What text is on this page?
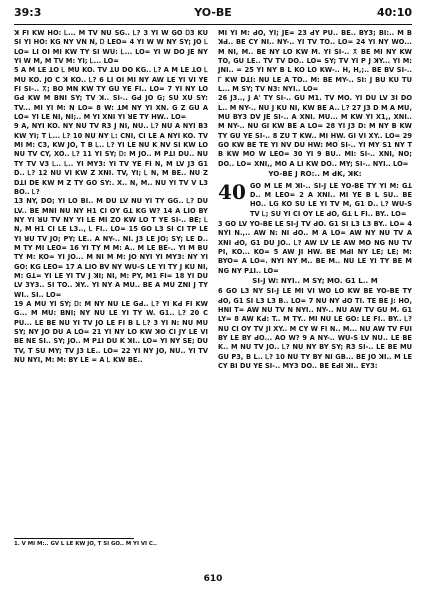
39:3	YO-BE	40:10

ꓘ FI KW HO: Ꮮ... M TV NU Sꓖ.. Ꮮ? 3 YI W GO Ꭰ3 KU SI YI HO: Kꓖ NY VN N, Ꭰ LEO= 4 YI W W NY SY; JO Ꮮ LO= LI OI MI KW TY SI WU: Ꮮ... LO= YI W DO JE NY YI W M, M TV M: YI; Ꮮ... LO=

5 A M LE ꓕO Ꮮ MU KO. TV ꓕU DO Kꓖ.. Ꮮ? A M LE ꓕO Ꮮ MU KO. JO C ꓘ KO.. Ꮮ? 6 LI OI MI NY AW LE YI VI YE FI SI-.. ꓃; BO Mꓠ KW TY GU YE FI.. LO= 7 YI NY LO ꓖꓒ KW M BꓠI SY; TV ꓘ.. SI-.. Gꓒ JO ꓖ; SU XU SY: TV... MI YI M: N LO= 8 W: ꓕM NY YI XN. G Z ꓖU A LO= YI LE NI, ꓠI;.. M YI XꓠI YI ꓤE TY HW.. LO=

9 A, NYI KO. NY NU TV R3 J NI, ꓠU.. Ꮮ? NU A NYI B3 KW YI; T Ꮮ... Ꮮ? 10 NU NY Ꮮ: CꓠI, CI LE A NYI KO. TV MI M: C3, KW JO, T B Ꮮ.. Ꮮ? YI LE NU K NV SI KW LO NU TV CY, XO.. Ꮮ? 11 YI SY; Ꭰ: M JO.. M PꓕI DU.. NU TY TV V3 Ꮮ.. Ꮮ.. YI MY3: YI TV YE FI N, M LV J3 G1 D.. Ꮮ? 12 NU VI KW Z XꓠI. TV, YI; Ꮮ N, M BE.. NU Z DꓕI DE KW M Z TY GO SY:. X.. N, M.. NU YI TV V L3 BO.. Ꮮ?

13 NY, DO; YI LO BI.. M DU LV NU YI TY Gꓖ.. Ꮮ? DU LV.. BE MꓠI NU NY H1 CI OY Gꓕ Kꓖ W? 14 A LIO BY NY YI ꓤU TV NY YI LE MI ZO KW LO T YE SI-.. BE; Ꮮ N, M H1 CI LE L3.., Ꮮ FI.. LO= 15 GO L3 SI CI ꓔP LE YI ꓤU TV JO; PY; LE.. A NY-.. NI. J3 LE JO; SY; LE D.. M TY MI LEO= 16 YI TY M M: A.. M LE BE-.. YI M BU TY M: KO= YI JO... M NI M M: JO NYI YI MY3: NY YI GO: Kꓖ LEO= 17 A LIO BV NY WU-S LE YI TY J KU NI, M: Gꓕ= YI LE YI TV J ꓘI; NI, M: PY, M1 FI= 18 YI DU LV 3Y3.. SI TO.. ꓘY.. YI NY A MU.. BE A MU ZꓠI J TY WI.. SI.. LO=

19 A MU YI SY; Ꭰ: M NY NU LE Gꓒ.. Ꮮ? YI Kꓒ FI KW G... M MU: BꓠI; NY NU LE YI TY W. G1.. Ꮮ? 20 C PU... LE BE NU YI TV JO LE FI B L Ꮮ? 3 YI N: NU MU SY; NY JO DU A LO= 21 YI NY LO KW ꓘO CI JY LE VI BE NE SI.. SY; JO.. M PꓕI DU K ꓘI.. LO= YI NY SE; DU TV, T SU MY; TV J3 LE.. LO= 22 YI NY JO, NU.. YI TV NU NYI, M: M: BY LE = A Ꮮ KW BE..

MI YI M: ꓒO, YI; JE= 23 ꓒY PU.. BE.. BY3; BI:.. M B ꓘꓒ.. BE CY NI.. NY-.. YI TV TO.. LO= 24 YI NY WO... M NI, M.. BE NY LO KW M. YI SI-.. ꓃ BE MI NY KW TO, GU LE.. TV TV DO.. LO= SY; TV YI P J ꓘY... YI M: JꓠI.. = 25 YI NY B L KO LO KW-.. H, H,;.. BE BV SI-.. Ꮁ KW DꓕI: NU LE A TO.. M: BE MY-.. SI: J BU KU TU L... M SY; TV N3: NYI.. LO=

26 J3.., J A' TY SI-.. GU M1. TV MO. YI DU LV 3I DO L.. M NY-.. NU J KU NI, KW BE A.. Ꮮ? 27 J3 D M A MU, MU BY3 DV JE SI-.. A XꓠI. MU... M KW YI X1,, XꓠI.. M NY-.. NU ꓖI KW BE A LO= 28 YI J3 D: M NY B KW TY GU YE SI-.. 8 ZU T KW.. MI HW. ꓖI VI XY.. LO= 29 GO KW BE TE YI NV DU HW: MO SI-.. YI MY S1 NY T B KW MO W LEO= 30 YI 9 BU.. MI: SI-.. XꓠI, ꓠO; DO.. LO= XꓠI,, MO A LI KW DO.. MY; SI-.. NYI.. LO=

YO-BE J RO:.. M ꓒK, ꓘK:
40 GO M LE M ꓘI-.. SI-J LE YO-BE TY YI M: Gꓕ D.. M LEO= 2 A XꓠI.. MI YE B L SU.. BE HO.. Lꓖ KO SU LE YI TV M, G1 D.. Ꮮ? WU-S TV Ꮮ; SU YI CI OY LE ꓒO, Gꓕ L FI.. BY.. LO=

3 GO LV YO-BE LE SI-J TV ꓒO. G1 SI L3 L3 BY.. LO= 4 NYI N.,.. AW N: NI ꓒO.. M A LO= AW NY NU TV A XꓠI ꓒO, G1 DU JO.. Ꮮ? AW LV LE AW MO NG NU TV PI, KO... KO= 5 AW JI HW. BE MꓒI NY LE; LE; M: BYO= A LO=. NYI NY M.. BE M.. NU LE YI TY BE M NG NY PꓕI.. LO=

SI-J W: NYI.. M SY; MO. G1 L.. M

6 GO L3 NY SI-J LE MI VI WO LO KW BE YO-BE TY ꓒO, G1 SI L3 L3 B.. LO= 7 NU NY ꓒO TI. TE BE J: HO, HꓠI T= AW NU TV N NYI.. NY-.. NU AW TV GU M. G1 LY= 8 AW Kꓒ: T.. M TY.. MI NU LE GO: LE FI.. BY.. Ꮮ? NU CI OY TV JI XY.. M CY W FI N.. M... NU AW TV FUI BY LE BY ꓒO... AO W? 9 A NY-.. WU-S LV NU.. LE BE K.. M NU TV JO.. Ꮮ? NU NY BY SY; R3 SI-.. LE BE MU GU P3, B L.. Ꮮ? 10 NU TY BY NI ꓖB... BE JO ꓘI.. M LE CY BI DU YE SI-.. MY3 DO.. BE EꓒI ꓘI.. EY3:

1. V MI M:.. ꓖV L LE KW JO, T SI GO.. M YI VI C..
610
